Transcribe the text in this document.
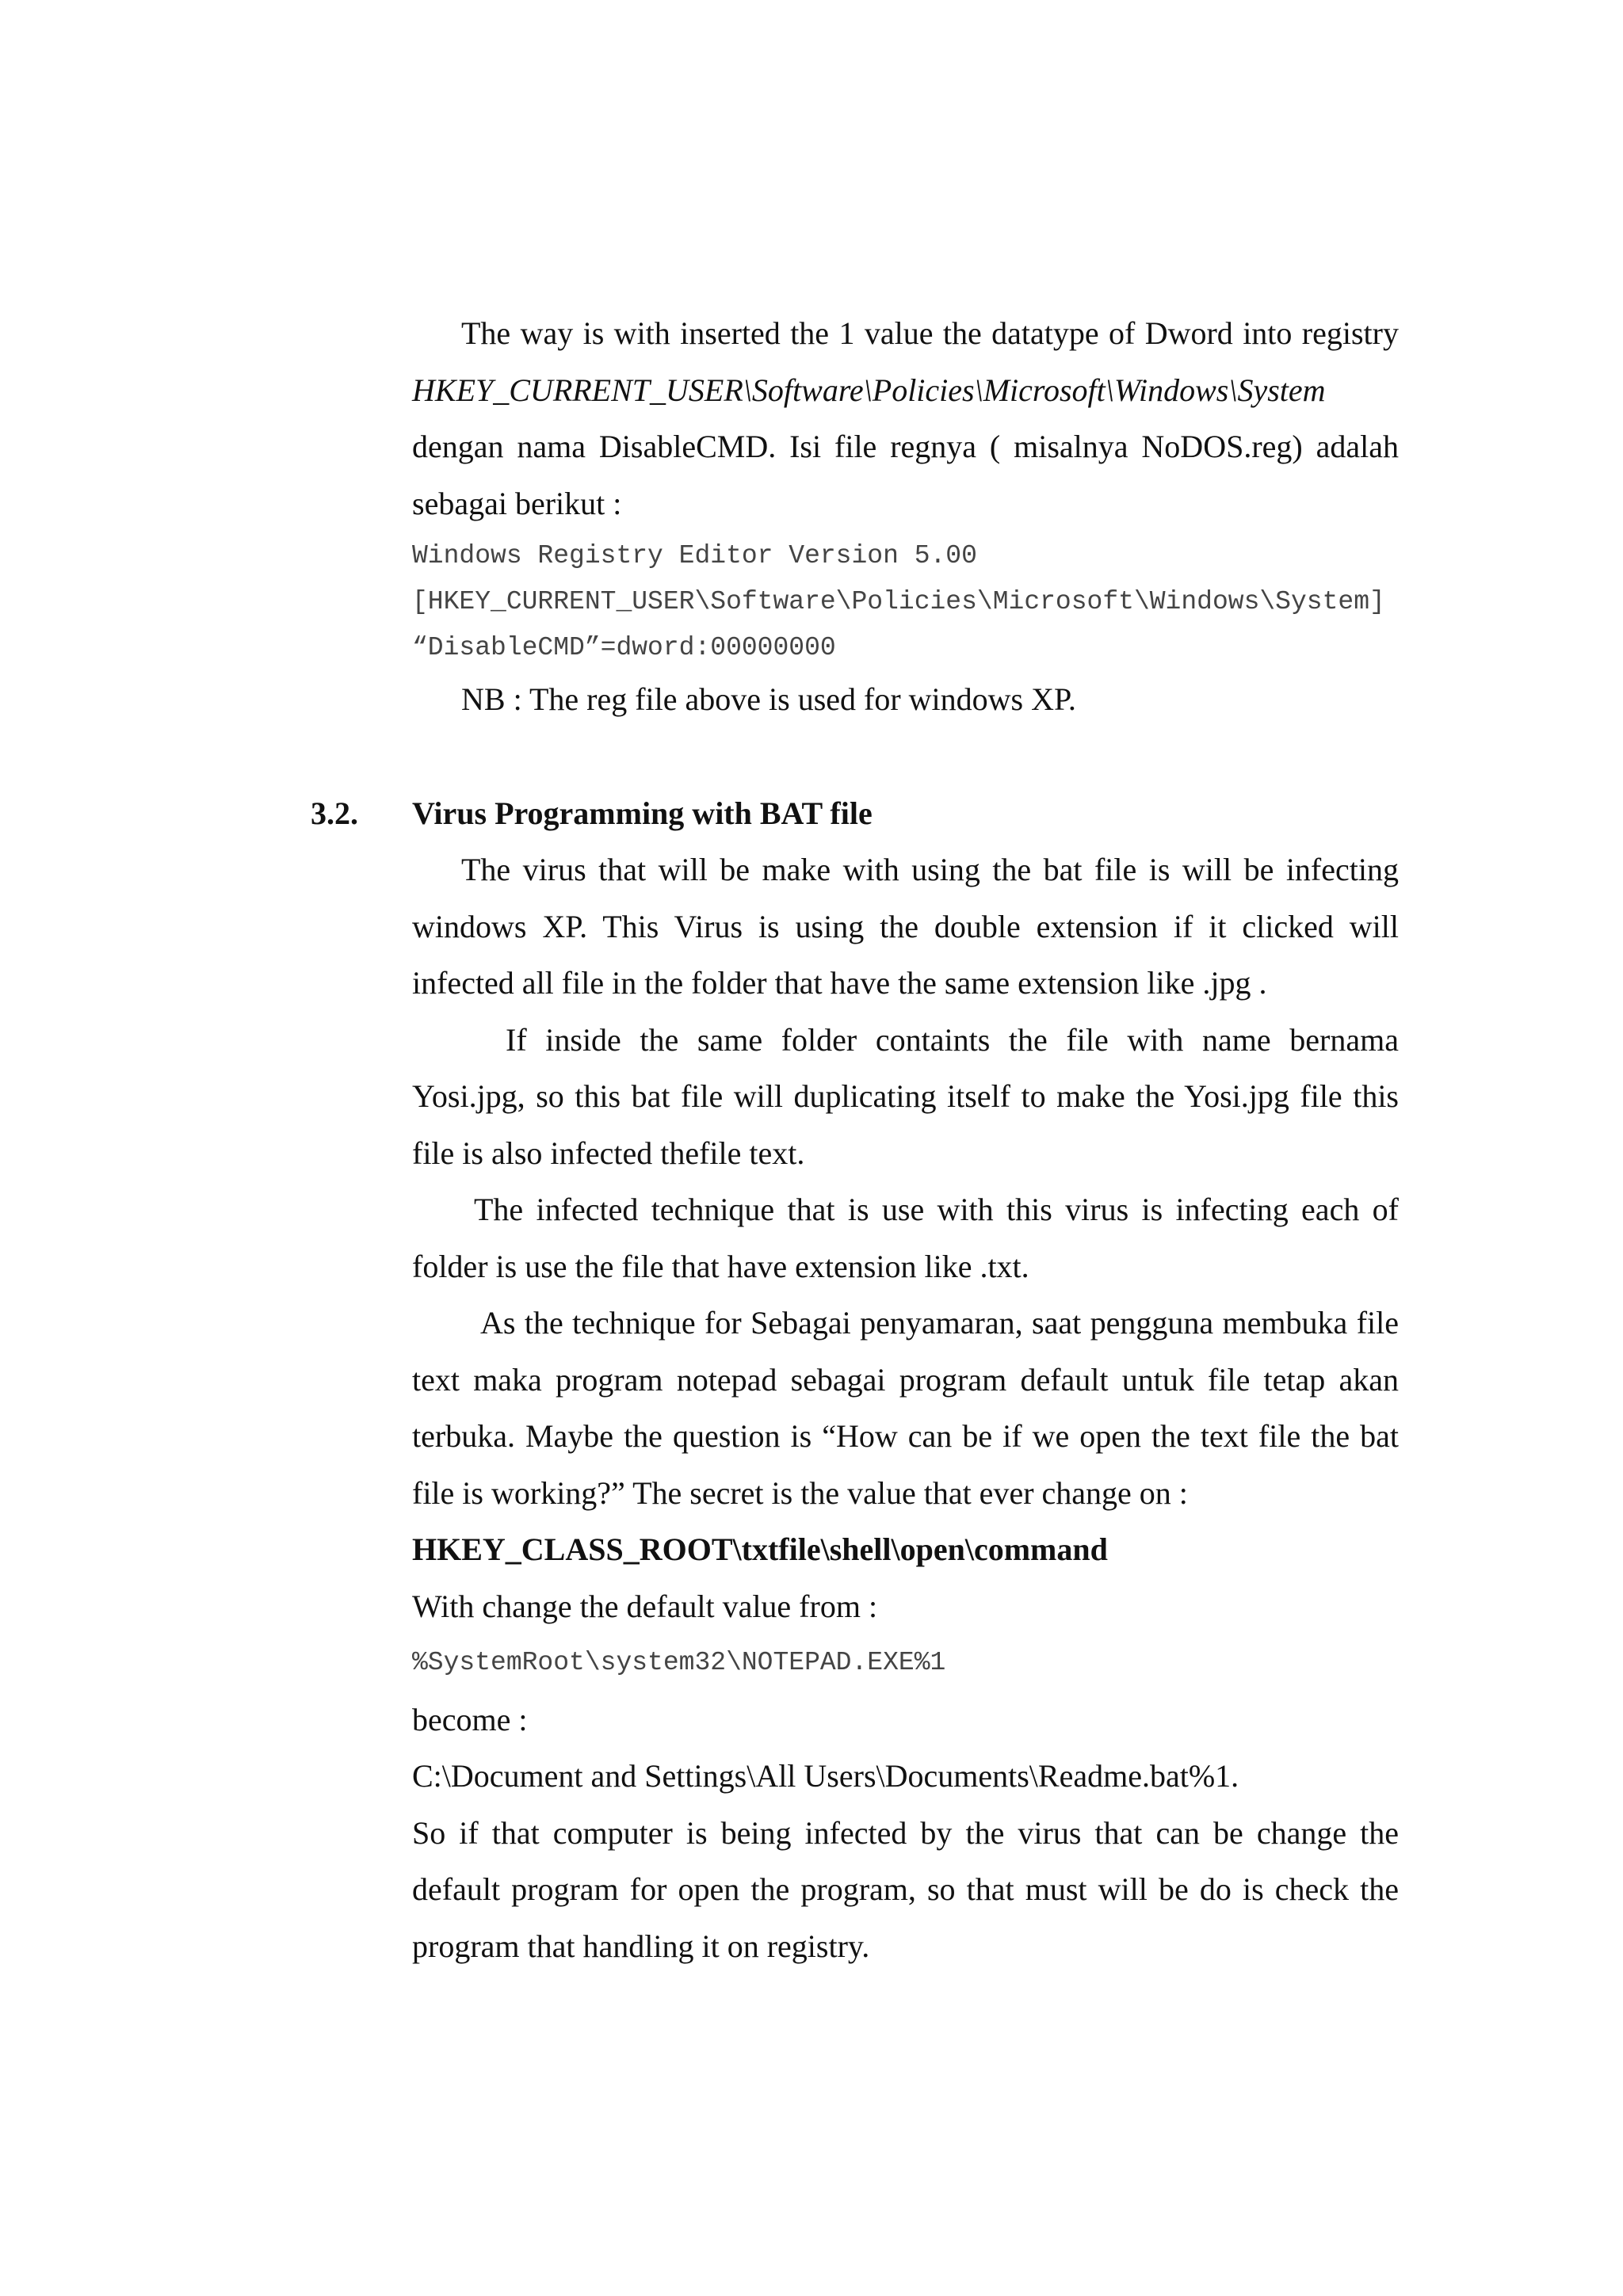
The way is with inserted the 1 value the datatype of Dword into registry HKEY_CURRENT_USER\Software\Policies\Microsoft\Windows\System dengan nama DisableCMD. Isi file regnya ( misalnya NoDOS.reg) adalah sebagai berikut :

Windows Registry Editor Version 5.00

[HKEY_CURRENT_USER\Software\Policies\Microsoft\Windows\System]

“DisableCMD”=dword:00000000

NB : The reg file above is used for windows XP.

3.2. Virus Programming with BAT file

The virus that will be make with using the bat file is will be infecting windows XP. This Virus is using the double extension if it clicked will infected all file in the folder that have the same extension like .jpg .

If inside the same folder containts the file with name bernama Yosi.jpg, so this bat file will duplicating itself to make the Yosi.jpg file this file is also infected thefile text.

The infected technique that is use with this virus is infecting each of folder is use the file that have extension like .txt.

As the technique for Sebagai penyamaran, saat pengguna membuka file text maka program notepad sebagai program default untuk file tetap akan terbuka. Maybe the question is “How can be if we open the text file the bat file is working?” The secret is the value that ever change on :

HKEY_CLASS_ROOT\txtfile\shell\open\command

With change the default value from :

%SystemRoot\system32\NOTEPAD.EXE%1

become :

C:\Document and Settings\All Users\Documents\Readme.bat%1.

So if that computer is being infected by the virus that can be change the default program for open the program, so that must will be do is check the program that handling it on registry.
